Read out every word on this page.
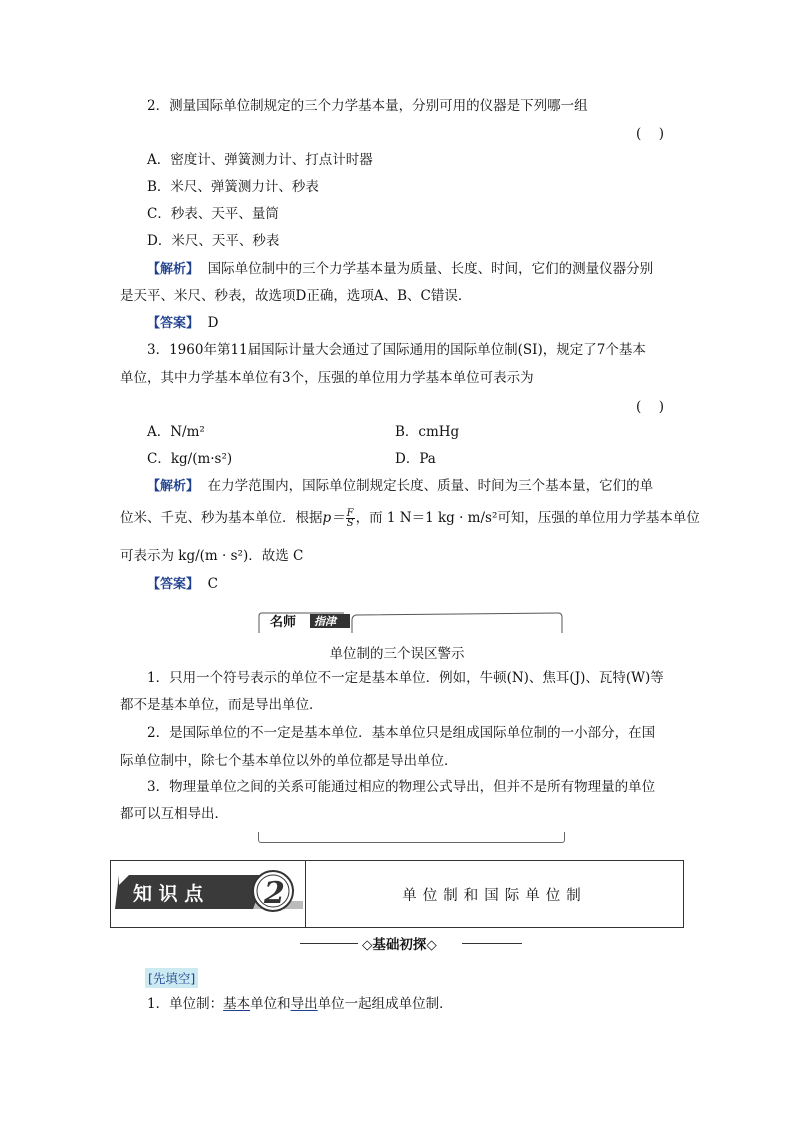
2．测量国际单位制规定的三个力学基本量，分别可用的仪器是下列哪一组
(　)
A．密度计、弹簧测力计、打点计时器
B．米尺、弹簧测力计、秒表
C．秒表、天平、量筒
D．米尺、天平、秒表
【解析】 国际单位制中的三个力学基本量为质量、长度、时间，它们的测量仪器分别
是天平、米尺、秒表，故选项D正确，选项A、B、C错误．
【答案】 D
3．1960年第11届国际计量大会通过了国际通用的国际单位制(SI)，规定了7个基本
单位，其中力学基本单位有3个，压强的单位用力学基本单位可表示为
(　)
A．N/m²	B．cmHg
C．kg/(m·s²)	D．Pa
【解析】 在力学范围内，国际单位制规定长度、质量、时间为三个基本量，它们的单
位米、千克、秒为基本单位．根据$p= \frac{F}{S}$ ，而 1 N＝1 kg · m/s²可知，压强的单位用力学基本单位
可表示为 kg/(m · s²)．故选 C
【答案】 C
名师 指津
单位制的三个误区警示
1．只用一个符号表示的单位不一定是基本单位．例如，牛顿(N)、焦耳(J)、瓦特(W)等
都不是基本单位，而是导出单位．
2．是国际单位的不一定是基本单位．基本单位只是组成国际单位制的一小部分，在国
际单位制中，除七个基本单位以外的单位都是导出单位．
3．物理量单位之间的关系可能通过相应的物理公式导出，但并不是所有物理量的单位
都可以互相导出．
知 识 点 2	单位制和国际单位制
◇基础初探◇
[先填空]
1．单位制：基本单位和导出单位一起组成单位制．
